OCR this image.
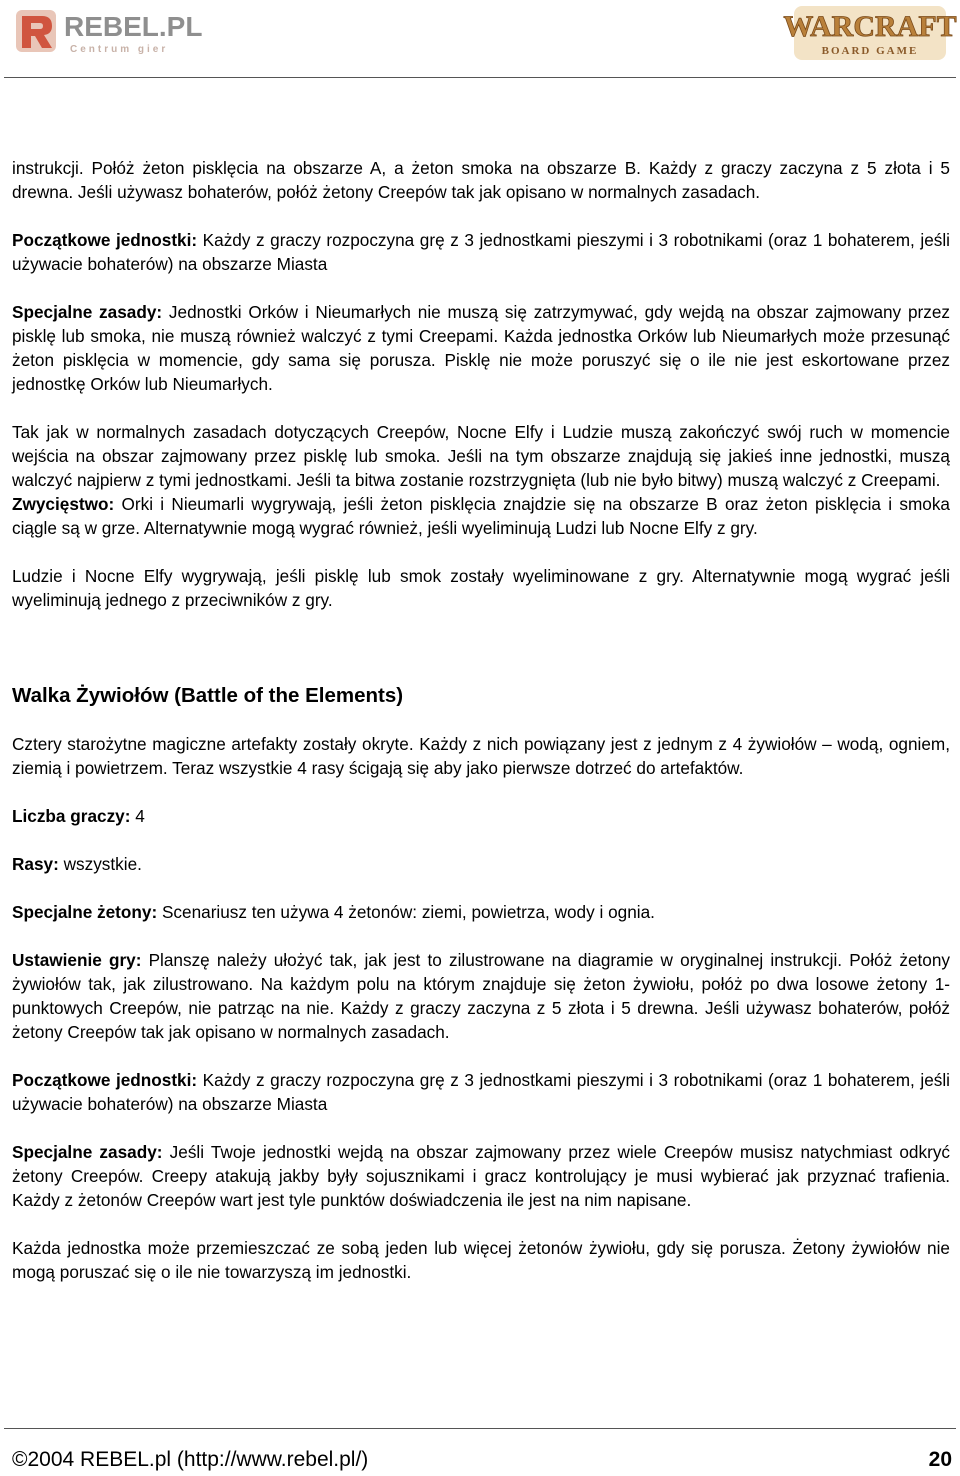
REBEL.PL
Centrum gier
WARCRAFT
BOARD GAME

instrukcji. Połóż żeton pisklęcia na obszarze A, a żeton smoka na obszarze B. Każdy z graczy zaczyna z 5 złota i 5 drewna. Jeśli używasz bohaterów, połóż żetony Creepów tak jak opisano w normalnych zasadach.

Początkowe jednostki: Każdy z graczy rozpoczyna grę z 3 jednostkami pieszymi i 3 robotnikami (oraz 1 bohaterem, jeśli używacie bohaterów) na obszarze Miasta

Specjalne zasady: Jednostki Orków i Nieumarłych nie muszą się zatrzymywać, gdy wejdą na obszar zajmowany przez pisklę lub smoka, nie muszą również walczyć z tymi Creepami. Każda jednostka Orków lub Nieumarłych może przesunąć żeton pisklęcia w momencie, gdy sama się porusza. Pisklę nie może poruszyć się o ile nie jest eskortowane przez jednostkę Orków lub Nieumarłych.

Tak jak w normalnych zasadach dotyczących Creepów, Nocne Elfy i Ludzie muszą zakończyć swój ruch w momencie wejścia na obszar zajmowany przez pisklę lub smoka. Jeśli na tym obszarze znajdują się jakieś inne jednostki, muszą walczyć najpierw z tymi jednostkami. Jeśli ta bitwa zostanie rozstrzygnięta (lub nie było bitwy) muszą walczyć z Creepami.

Zwycięstwo: Orki i Nieumarli wygrywają, jeśli żeton pisklęcia znajdzie się na obszarze B oraz żeton pisklęcia i smoka ciągle są w grze. Alternatywnie mogą wygrać również, jeśli wyeliminują Ludzi lub Nocne Elfy z gry.

Ludzie i Nocne Elfy wygrywają, jeśli pisklę lub smok zostały wyeliminowane z gry. Alternatywnie mogą wygrać jeśli wyeliminują jednego z przeciwników z gry.

Walka Żywiołów (Battle of the Elements)

Cztery starożytne magiczne artefakty zostały okryte. Każdy z nich powiązany jest z jednym z 4 żywiołów – wodą, ogniem, ziemią i powietrzem. Teraz wszystkie 4 rasy ścigają się aby jako pierwsze dotrzeć do artefaktów.

Liczba graczy: 4

Rasy: wszystkie.

Specjalne żetony: Scenariusz ten używa 4 żetonów: ziemi, powietrza, wody i ognia.

Ustawienie gry: Planszę należy ułożyć tak, jak jest to zilustrowane na diagramie w oryginalnej instrukcji. Połóż żetony żywiołów tak, jak zilustrowano. Na każdym polu na którym znajduje się żeton żywiołu, połóż po dwa losowe żetony 1-punktowych Creepów, nie patrząc na nie. Każdy z graczy zaczyna z 5 złota i 5 drewna. Jeśli używasz bohaterów, połóż żetony Creepów tak jak opisano w normalnych zasadach.

Początkowe jednostki: Każdy z graczy rozpoczyna grę z 3 jednostkami pieszymi i 3 robotnikami (oraz 1 bohaterem, jeśli używacie bohaterów) na obszarze Miasta

Specjalne zasady: Jeśli Twoje jednostki wejdą na obszar zajmowany przez wiele Creepów musisz natychmiast odkryć żetony Creepów. Creepy atakują jakby były sojusznikami i gracz kontrolujący je musi wybierać jak przyznać trafienia. Każdy z żetonów Creepów wart jest tyle punktów doświadczenia ile jest na nim napisane.

Każda jednostka może przemieszczać ze sobą jeden lub więcej żetonów żywiołu, gdy się porusza. Żetony żywiołów nie mogą poruszać się o ile nie towarzyszą im jednostki.

©2004 REBEL.pl (http://www.rebel.pl/)	20
